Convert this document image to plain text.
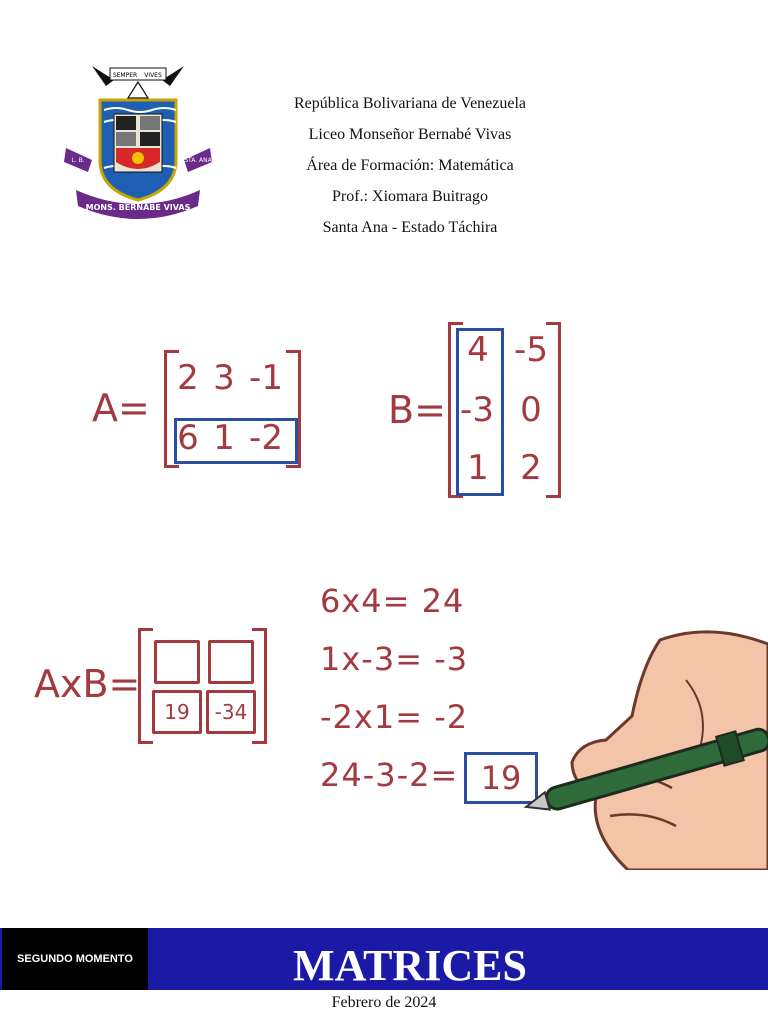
SEMPER VIVES
L. B.	STA. ANA
MONS. BERNABE VIVAS
República Bolivariana de Venezuela
Liceo Monseñor Bernabé Vivas
Área de Formación: Matemática
Prof.: Xiomara Buitrago
Santa Ana - Estado Táchira
A=
2 3 -1
6 1 -2
B=
4 -5
-3 0
1 2
AxB=
19	-34
6x4= 24
1x-3= -3
-2x1= -2
24-3-2= 19
SEGUNDO MOMENTO	MATRICES
Febrero de 2024
